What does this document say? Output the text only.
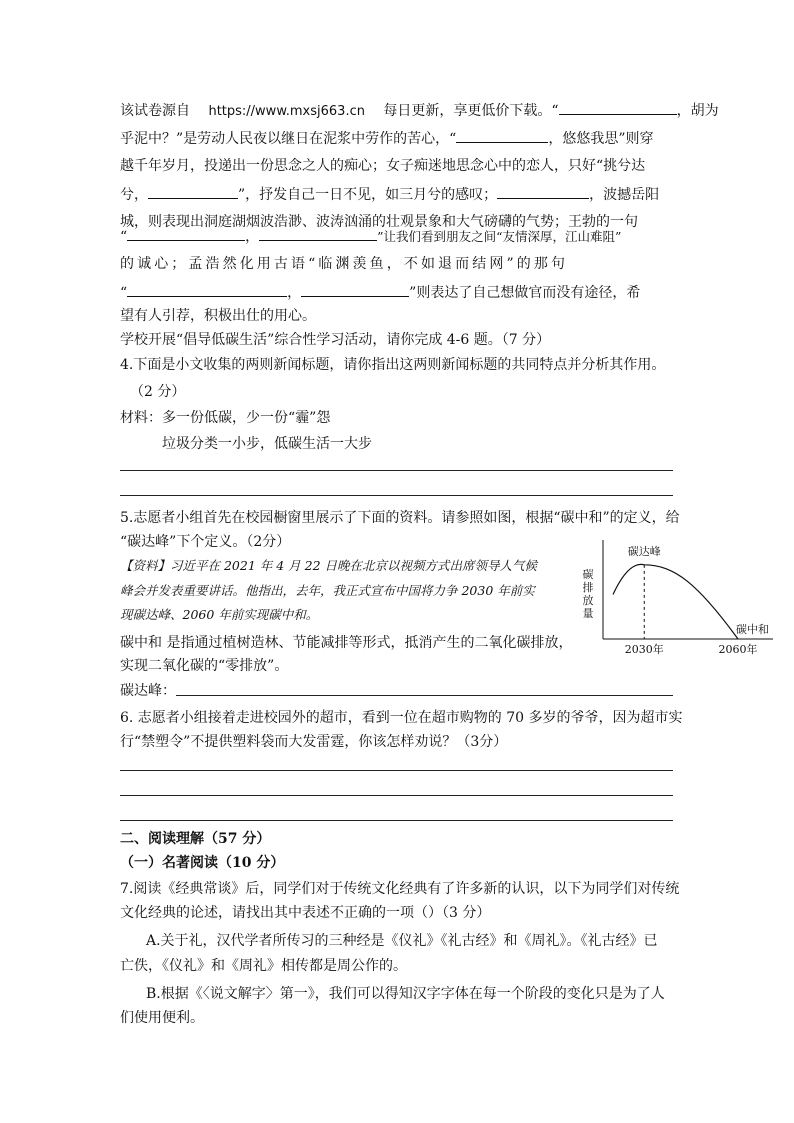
该试卷源自 https://www.mxsj663.cn 每日更新，享更低价下载。“	，胡为
乎泥中？”是劳动人民夜以继日在泥浆中劳作的苦心，“	，悠悠我思”则穿
越千年岁月，投递出一份思念之人的痴心；女子痴迷地思念心中的恋人，只好“挑兮达
兮，	”，抒发自己一日不见，如三月兮的感叹；	，波撼岳阳
城，则表现出洞庭湖烟波浩渺、波涛汹涌的壮观景象和大气磅礴的气势；王勃的一句
“	，	”让我们看到朋友之间“友情深厚，江山难阻”
的诚心；孟浩然化用古语“临渊羡鱼，不如退而结网”的那句
“	，	”则表达了自己想做官而没有途径，希
望有人引荐，积极出仕的用心。
学校开展“倡导低碳生活”综合性学习活动，请你完成 4-6 题。（7 分）
4.下面是小文收集的两则新闻标题，请你指出这两则新闻标题的共同特点并分析其作用。
（2 分）
材料：多一份低碳，少一份“霾”怨
垃圾分类一小步，低碳生活一大步
5.志愿者小组首先在校园橱窗里展示了下面的资料。请参照如图，根据“碳中和”的定义，给
“碳达峰”下个定义。（2分）
【资料】习近平在 2021 年 4 月 22 日晚在北京以视频方式出席领导人气候
峰会并发表重要讲话。他指出，去年，我正式宣布中国将力争 2030 年前实
现碳达峰、2060 年前实现碳中和。
碳中和 是指通过植树造林、节能减排等形式，抵消产生的二氧化碳排放，
实现二氧化碳的“零排放”。
碳达峰：
碳
排
放
量
碳达峰
碳中和
2030年	2060年
6. 志愿者小组接着走进校园外的超市，看到一位在超市购物的 70 多岁的爷爷，因为超市实
行“禁塑令”不提供塑料袋而大发雷霆，你该怎样劝说？（3分）
二、阅读理解（57 分）
（一）名著阅读（10 分）
7.阅读《经典常谈》后，同学们对于传统文化经典有了许多新的认识，以下为同学们对传统
文化经典的论述，请找出其中表述不正确的一项（）（3 分）
A.关于礼，汉代学者所传习的三种经是《仪礼》《礼古经》和《周礼》。《礼古经》已
亡佚，《仪礼》和《周礼》相传都是周公作的。
B.根据《〈说文解字〉第一》，我们可以得知汉字字体在每一个阶段的变化只是为了人
们使用便利。
